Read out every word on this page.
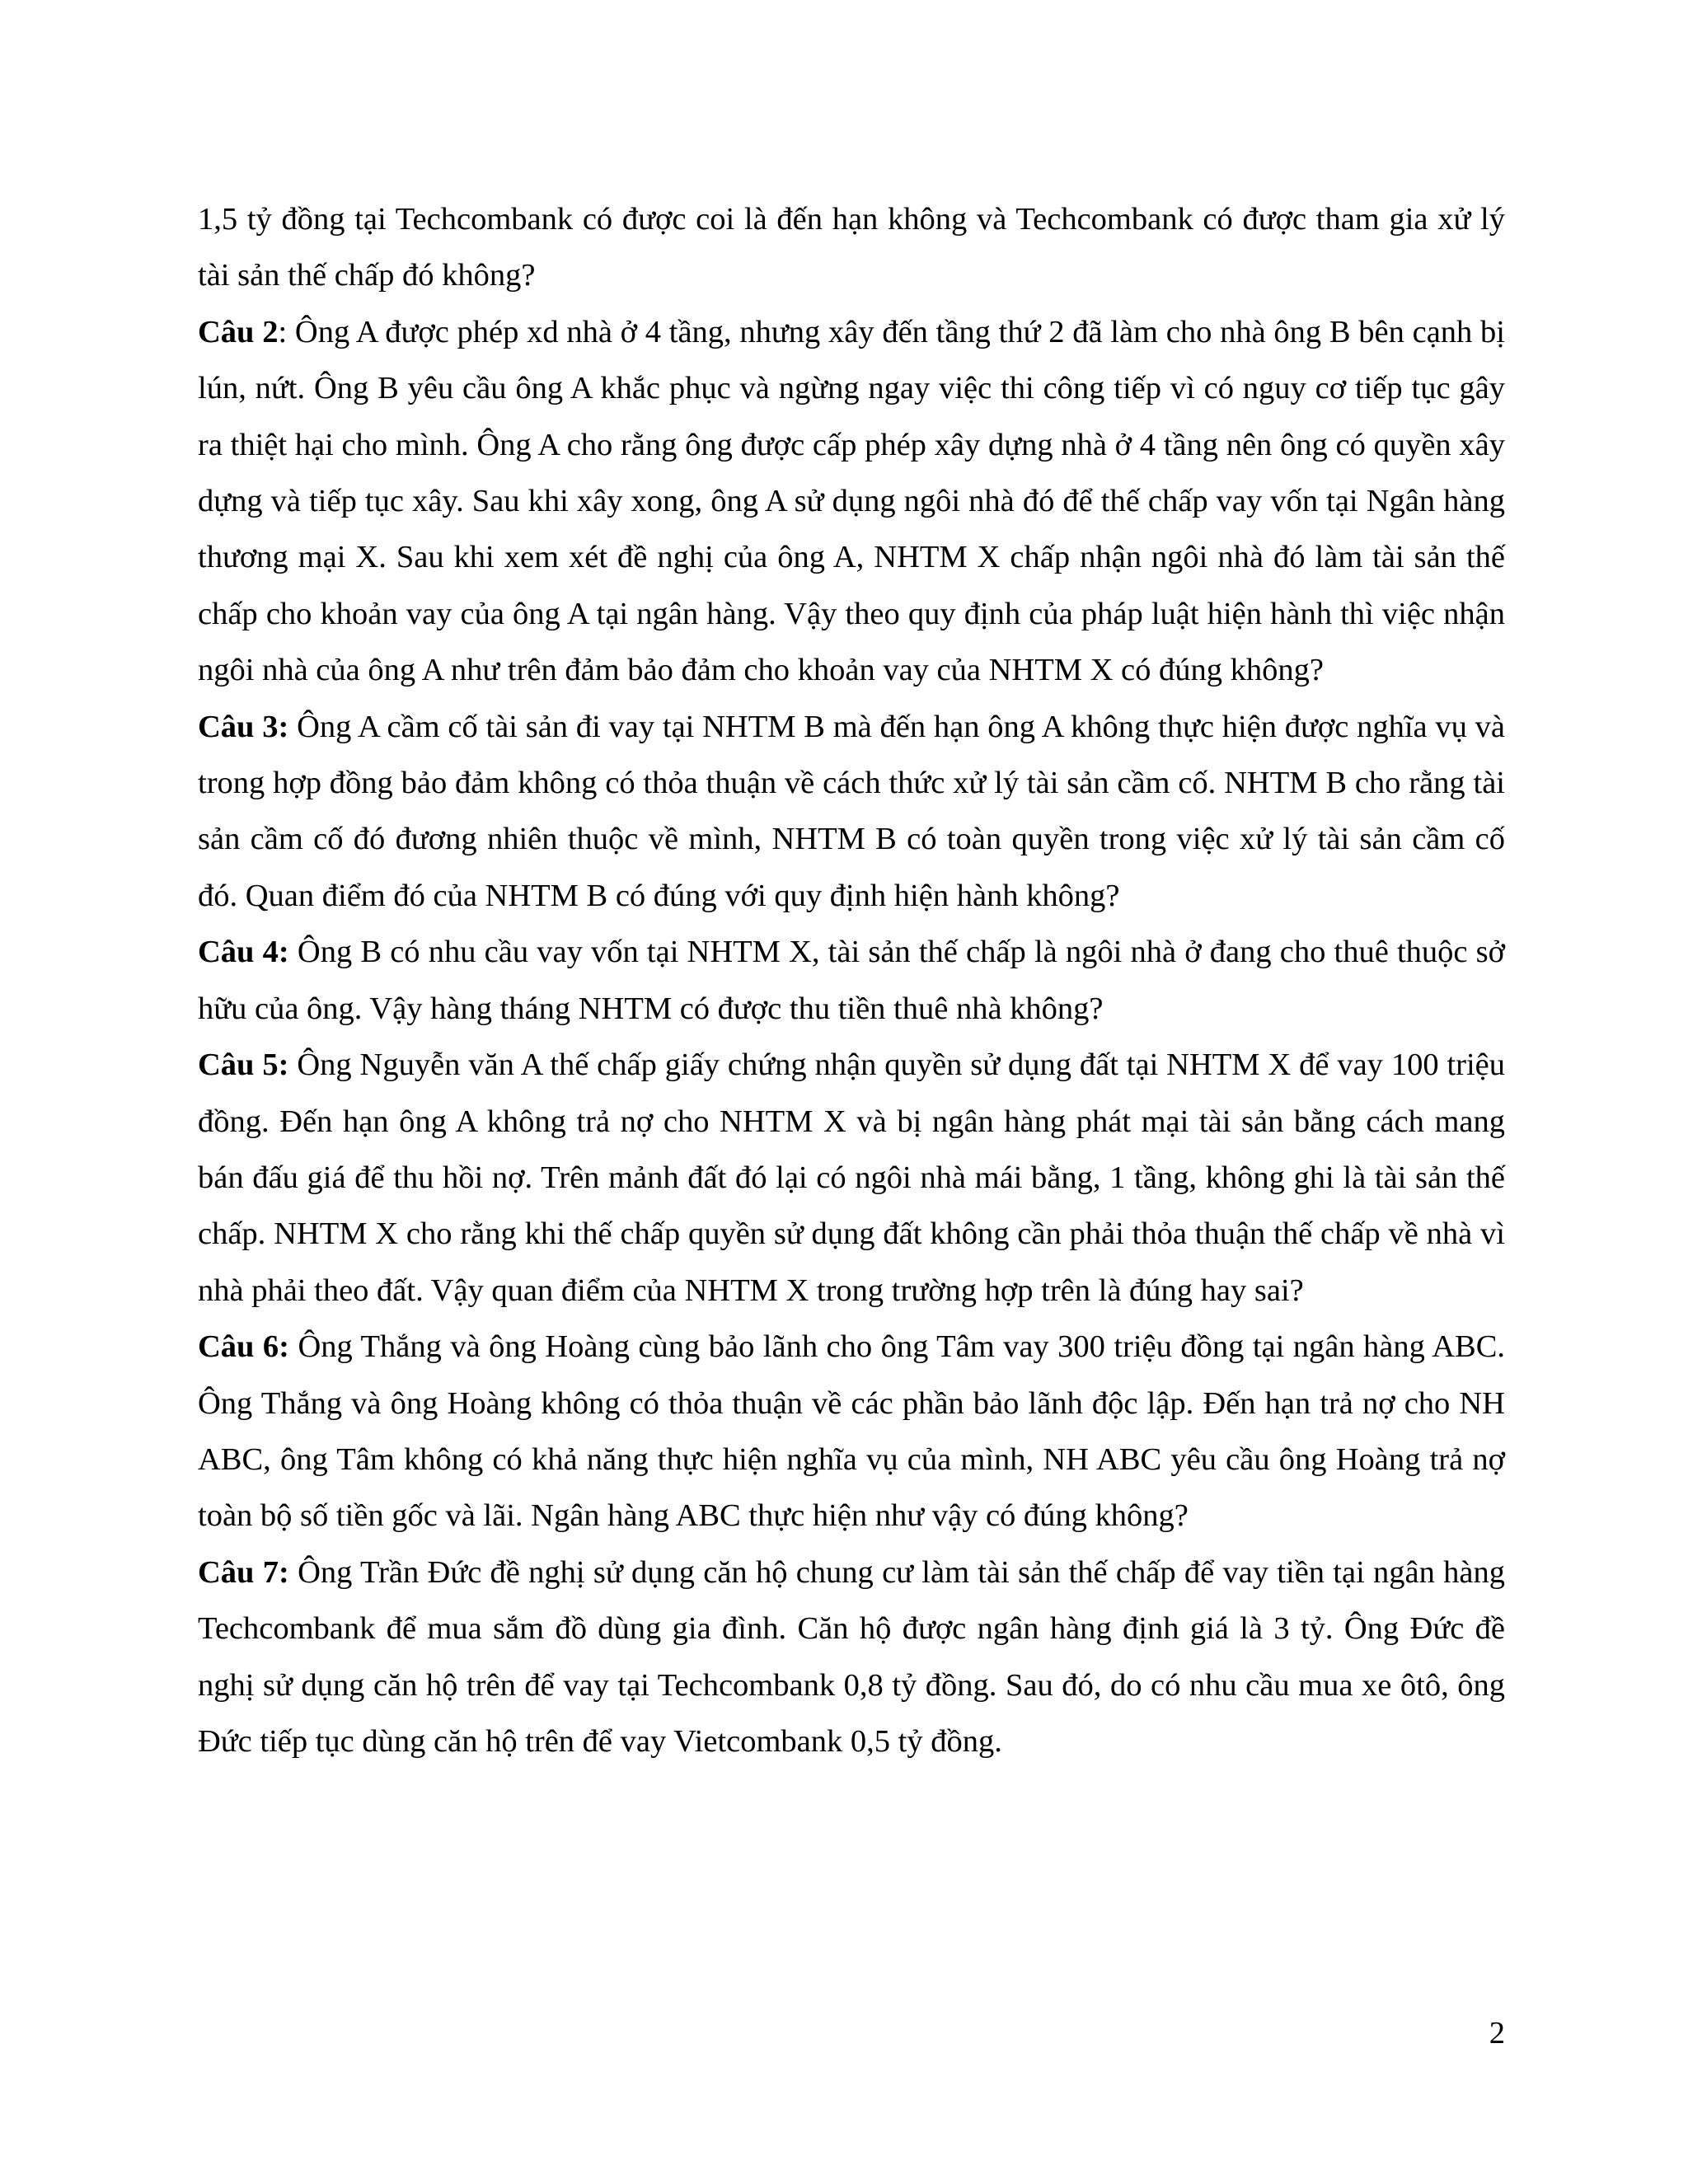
1,5 tỷ đồng tại Techcombank có được coi là đến hạn không và Techcombank có được tham gia xử lý tài sản thế chấp đó không?

Câu 2: Ông A được phép xd nhà ở 4 tầng, nhưng xây đến tầng thứ 2 đã làm cho nhà ông B bên cạnh bị lún, nứt. Ông B yêu cầu ông A khắc phục và ngừng ngay việc thi công tiếp vì có nguy cơ tiếp tục gây ra thiệt hại cho mình. Ông A cho rằng ông được cấp phép xây dựng nhà ở 4 tầng nên ông có quyền xây dựng và tiếp tục xây. Sau khi xây xong, ông A sử dụng ngôi nhà đó để thế chấp vay vốn tại Ngân hàng thương mại X. Sau khi xem xét đề nghị của ông A, NHTM X chấp nhận ngôi nhà đó làm tài sản thế chấp cho khoản vay của ông A tại ngân hàng. Vậy theo quy định của pháp luật hiện hành thì việc nhận ngôi nhà của ông A như trên đảm bảo đảm cho khoản vay của NHTM X có đúng không?

Câu 3: Ông A cầm cố tài sản đi vay tại NHTM B mà đến hạn ông A không thực hiện được nghĩa vụ và trong hợp đồng bảo đảm không có thỏa thuận về cách thức xử lý tài sản cầm cố. NHTM B cho rằng tài sản cầm cố đó đương nhiên thuộc về mình, NHTM B có toàn quyền trong việc xử lý tài sản cầm cố đó. Quan điểm đó của NHTM B có đúng với quy định hiện hành không?

Câu 4: Ông B có nhu cầu vay vốn tại NHTM X, tài sản thế chấp là ngôi nhà ở đang cho thuê thuộc sở hữu của ông. Vậy hàng tháng NHTM có được thu tiền thuê nhà không?

Câu 5: Ông Nguyễn văn A thế chấp giấy chứng nhận quyền sử dụng đất tại NHTM X để vay 100 triệu đồng. Đến hạn ông A không trả nợ cho NHTM X và bị ngân hàng phát mại tài sản bằng cách mang bán đấu giá để thu hồi nợ. Trên mảnh đất đó lại có ngôi nhà mái bằng, 1 tầng, không ghi là tài sản thế chấp. NHTM X cho rằng khi thế chấp quyền sử dụng đất không cần phải thỏa thuận thế chấp về nhà vì nhà phải theo đất. Vậy quan điểm của NHTM X trong trường hợp trên là đúng hay sai?

Câu 6: Ông Thắng và ông Hoàng cùng bảo lãnh cho ông Tâm vay 300 triệu đồng tại ngân hàng ABC. Ông Thắng và ông Hoàng không có thỏa thuận về các phần bảo lãnh độc lập. Đến hạn trả nợ cho NH ABC, ông Tâm không có khả năng thực hiện nghĩa vụ của mình, NH ABC yêu cầu ông Hoàng trả nợ toàn bộ số tiền gốc và lãi. Ngân hàng ABC thực hiện như vậy có đúng không?

Câu 7: Ông Trần Đức đề nghị sử dụng căn hộ chung cư làm tài sản thế chấp để vay tiền tại ngân hàng Techcombank để mua sắm đồ dùng gia đình. Căn hộ được ngân hàng định giá là 3 tỷ. Ông Đức đề nghị sử dụng căn hộ trên để vay tại Techcombank 0,8 tỷ đồng. Sau đó, do có nhu cầu mua xe ôtô, ông Đức tiếp tục dùng căn hộ trên để vay Vietcombank 0,5 tỷ đồng.

2
